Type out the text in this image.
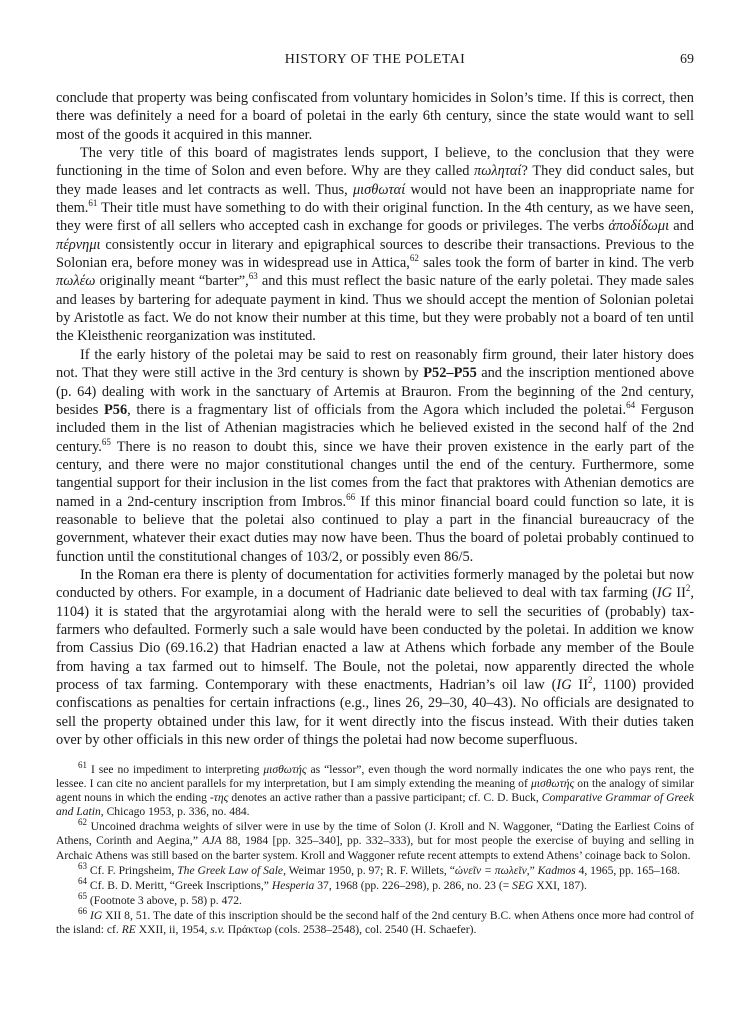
HISTORY OF THE POLETAI	69

conclude that property was being confiscated from voluntary homicides in Solon’s time. If this is correct, then there was definitely a need for a board of poletai in the early 6th century, since the state would want to sell most of the goods it acquired in this manner.

The very title of this board of magistrates lends support, I believe, to the conclusion that they were functioning in the time of Solon and even before. Why are they called πωληταί? They did conduct sales, but they made leases and let contracts as well. Thus, μισθωταί would not have been an inappropriate name for them.$^{61}$ Their title must have something to do with their original function. In the 4th century, as we have seen, they were first of all sellers who accepted cash in exchange for goods or privileges. The verbs ἀποδίδωμι and πέρνημι consistently occur in literary and epigraphical sources to describe their transactions. Previous to the Solonian era, before money was in widespread use in Attica,$^{62}$ sales took the form of barter in kind. The verb πωλέω originally meant “barter”,$^{63}$ and this must reflect the basic nature of the early poletai. They made sales and leases by bartering for adequate payment in kind. Thus we should accept the mention of Solonian poletai by Aristotle as fact. We do not know their number at this time, but they were probably not a board of ten until the Kleisthenic reorganization was instituted.

If the early history of the poletai may be said to rest on reasonably firm ground, their later history does not. That they were still active in the 3rd century is shown by P52–P55 and the inscription mentioned above (p. 64) dealing with work in the sanctuary of Artemis at Brauron. From the beginning of the 2nd century, besides P56, there is a fragmentary list of officials from the Agora which included the poletai.$^{64}$ Ferguson included them in the list of Athenian magistracies which he believed existed in the second half of the 2nd century.$^{65}$ There is no reason to doubt this, since we have their proven existence in the early part of the century, and there were no major constitutional changes until the end of the century. Furthermore, some tangential support for their inclusion in the list comes from the fact that praktores with Athenian demotics are named in a 2nd-century inscription from Imbros.$^{66}$ If this minor financial board could function so late, it is reasonable to believe that the poletai also continued to play a part in the financial bureaucracy of the government, whatever their exact duties may now have been. Thus the board of poletai probably continued to function until the constitutional changes of 103/2, or possibly even 86/5.

In the Roman era there is plenty of documentation for activities formerly managed by the poletai but now conducted by others. For example, in a document of Hadrianic date believed to deal with tax farming (IG $II^2$, 1104) it is stated that the argyrotamiai along with the herald were to sell the securities of (probably) tax-farmers who defaulted. Formerly such a sale would have been conducted by the poletai. In addition we know from Cassius Dio (69.16.2) that Hadrian enacted a law at Athens which forbade any member of the Boule from having a tax farmed out to himself. The Boule, not the poletai, now apparently directed the whole process of tax farming. Contemporary with these enactments, Hadrian’s oil law (IG $II^2$, 1100) provided confiscations as penalties for certain infractions (e.g., lines 26, 29–30, 40–43). No officials are designated to sell the property obtained under this law, for it went directly into the fiscus instead. With their duties taken over by other officials in this new order of things the poletai had now become superfluous.

$^{61}$ I see no impediment to interpreting μισθωτής as “lessor”, even though the word normally indicates the one who pays rent, the lessee. I can cite no ancient parallels for my interpretation, but I am simply extending the meaning of μισθωτής on the analogy of similar agent nouns in which the ending -της denotes an active rather than a passive participant; cf. C. D. Buck, Comparative Grammar of Greek and Latin, Chicago 1953, p. 336, no. 484.

$^{62}$ Uncoined drachma weights of silver were in use by the time of Solon (J. Kroll and N. Waggoner, “Dating the Earliest Coins of Athens, Corinth and Aegina,” AJA 88, 1984 [pp. 325–340], pp. 332–333), but for most people the exercise of buying and selling in Archaic Athens was still based on the barter system. Kroll and Waggoner refute recent attempts to extend Athens’ coinage back to Solon.

$^{63}$ Cf. F. Pringsheim, The Greek Law of Sale, Weimar 1950, p. 97; R. F. Willets, “ὠνεῖν = πωλεῖν,” Kadmos 4, 1965, pp. 165–168.

$^{64}$ Cf. B. D. Meritt, “Greek Inscriptions,” Hesperia 37, 1968 (pp. 226–298), p. 286, no. 23 (= SEG XXI, 187).

$^{65}$ (Footnote 3 above, p. 58) p. 472.

$^{66}$ IG XII 8, 51. The date of this inscription should be the second half of the 2nd century B.C. when Athens once more had control of the island: cf. RE XXII, ii, 1954, s.v. Πράκτωρ (cols. 2538–2548), col. 2540 (H. Schaefer).
